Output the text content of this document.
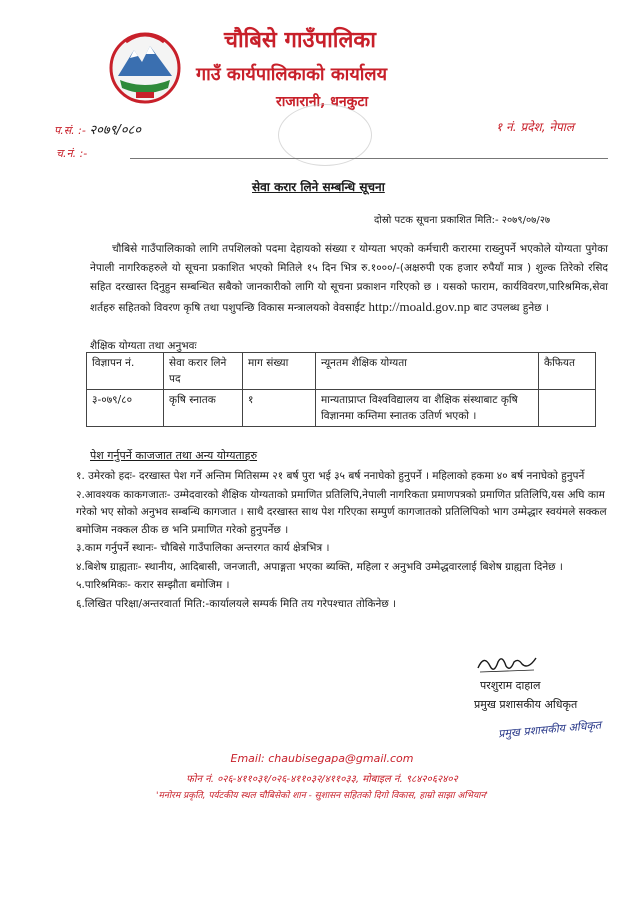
चौबिसे गाउँपालिका
गाउँ कार्यपालिकाको कार्यालय
राजारानी, धनकुटा
प.सं. :- २०७९/०८०
च.नं. :-
१ नं. प्रदेश, नेपाल
सेवा करार लिने सम्बन्धि सूचना
दोस्रो पटक सूचना प्रकाशित मिति:- २०७९/०७/२७
चौबिसे गाउँपालिकाको लागि तपशिलको पदमा देहायको संख्या र योग्यता भएको कर्मचारी करारमा राख्नुपर्ने भएकोले योग्यता पुगेका नेपाली नागरिकहरुले यो सूचना प्रकाशित भएको मितिले १५ दिन भित्र रु.१०००/-(अक्षरुपी एक हजार रुपैयाँ मात्र ) शुल्क तिरेको रसिद सहित दरखास्त दिनुहुन सम्बन्धित सबैको जानकारीको लागि यो सूचना प्रकाशन गरिएको छ । यसको फाराम, कार्यविवरण,पारिश्रमिक,सेवा शर्तहरु सहितको विवरण कृषि तथा पशुपन्छि विकास मन्त्रालयको वेवसाईट http://moald.gov.np बाट उपलब्ध हुनेछ ।
शैक्षिक योग्यता तथा अनुभवः
विज्ञापन नं.	सेवा करार लिने पद	माग संख्या	न्यूनतम शैक्षिक योग्यता	कैफियत
३-०७९/८०	कृषि स्नातक	१	मान्यताप्राप्त विश्वविद्यालय वा शैक्षिक संस्थाबाट कृषि विज्ञानमा कम्तिमा स्नातक उतिर्ण भएको ।	
पेश गर्नुपर्ने काजजात तथा अन्य योग्यताहरु
१. उमेरको हदः- दरखास्त पेश गर्ने अन्तिम मितिसम्म २१ बर्ष पुरा भई ३५ बर्ष ननाघेको हुनुपर्ने । महिलाको हकमा ४० बर्ष ननाघेको हुनुपर्ने
२.आवश्यक काकगजातः- उम्मेदवारको शैक्षिक योग्यताको प्रमाणित प्रतिलिपि,नेपाली नागरिकता प्रमाणपत्रको प्रमाणित प्रतिलिपि,यस अघि काम गरेको भए सोको अनुभव सम्बन्धि कागजात । साथै दरखास्त साथ पेश गरिएका सम्पुर्ण कागजातको प्रतिलिपिको भाग उम्मेद्धार स्वयंमले सक्कल बमोजिम नक्कल ठीक छ भनि प्रमाणित गरेको हुनुपर्नेछ ।
३.काम गर्नुपर्ने स्थानः- चौबिसे गाउँपालिका अन्तरगत कार्य क्षेत्रभित्र ।
४.बिशेष ग्राह्यताः- स्थानीय, आदिबासी, जनजाती, अपाङ्गता भएका ब्यक्ति, महिला र अनुभवि उम्मेद्धवारलाई बिशेष ग्राह्यता दिनेछ ।
५.पारिश्रमिकः- करार सम्झौता बमोजिम ।
६.लिखित परिक्षा/अन्तरवार्ता मिति:-कार्यालयले सम्पर्क मिति तय गरेपश्चात तोकिनेछ ।
परशुराम दाहाल
प्रमुख प्रशासकीय अधिकृत
प्रमुख प्रशासकीय अधिकृत
Email: chaubisegapa@gmail.com
फोन नं. ०२६-४११०३१/०२६-४११०३२/४११०३३, मोबाइल नं. ९८४२०६२४०२
'मनोरम प्रकृति, पर्यटकीय स्थल चौबिसेको शान - सुशासन सहितको दिगो विकास, हाम्रो साझा अभियान'
